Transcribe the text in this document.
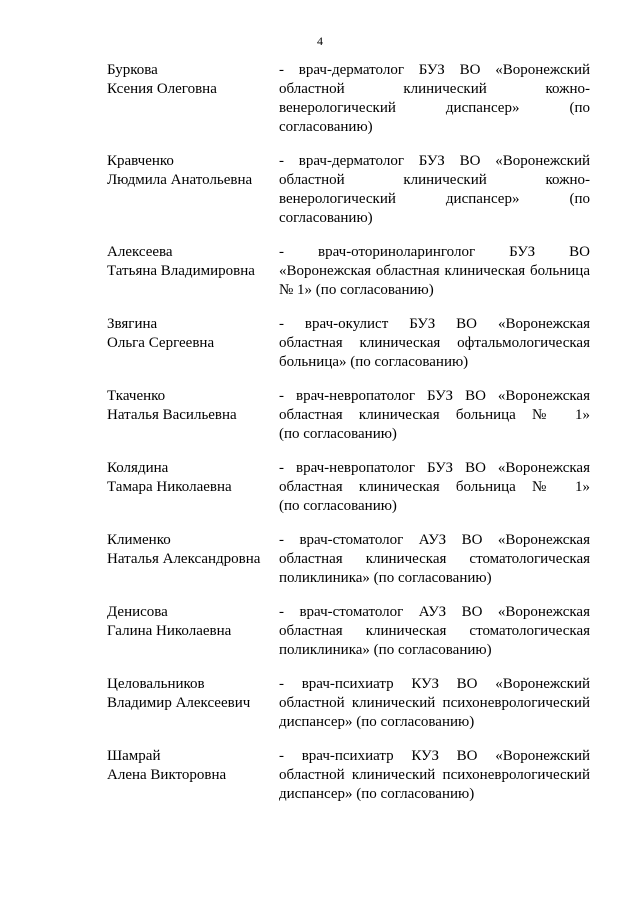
4
Буркова
Ксения Олеговна
- врач-дерматолог БУЗ ВО «Воронежский
областной клинический кожно-
венерологический диспансер» (по
согласованию)
Кравченко
Людмила Анатольевна
- врач-дерматолог БУЗ ВО «Воронежский
областной клинический кожно-
венерологический диспансер» (по
согласованию)
Алексеева
Татьяна Владимировна
- врач-оториноларинголог БУЗ ВО
«Воронежская областная клиническая больница
№ 1» (по согласованию)
Звягина
Ольга Сергеевна
- врач-окулист БУЗ ВО «Воронежская
областная клиническая офтальмологическая
больница» (по согласованию)
Ткаченко
Наталья Васильевна
- врач-невропатолог БУЗ ВО «Воронежская
областная клиническая больница № 1»
(по согласованию)
Колядина
Тамара Николаевна
- врач-невропатолог БУЗ ВО «Воронежская
областная клиническая больница № 1»
(по согласованию)
Клименко
Наталья Александровна
- врач-стоматолог АУЗ ВО «Воронежская
областная клиническая стоматологическая
поликлиника» (по согласованию)
Денисова
Галина Николаевна
- врач-стоматолог АУЗ ВО «Воронежская
областная клиническая стоматологическая
поликлиника» (по согласованию)
Целовальников
Владимир Алексеевич
- врач-психиатр КУЗ ВО «Воронежский
областной клинический психоневрологический
диспансер» (по согласованию)
Шамрай
Алена Викторовна
- врач-психиатр КУЗ ВО «Воронежский
областной клинический психоневрологический
диспансер» (по согласованию)
